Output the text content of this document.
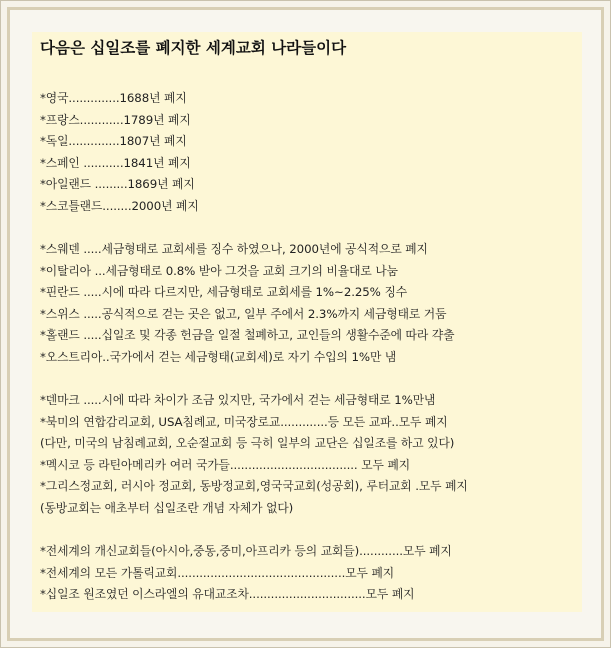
다음은 십일조를 폐지한 세계교회 나라들이다
*영국..............1688년 폐지
*프랑스............1789년 폐지
*독일..............1807년 폐지
*스페인 ...........1841년 폐지
*아일랜드 .........1869년 폐지
*스코틀랜드........2000년 폐지
*스웨덴 .....세금형태로 교회세를 징수 하였으나, 2000년에 공식적으로 폐지
*이탈리아 ...세금형태로 0.8% 받아 그것을 교회 크기의 비율대로 나눔
*핀란드 .....시에 따라 다르지만, 세금형태로 교회세를 1%~2.25% 징수
*스위스 .....공식적으로 걷는 곳은 없고, 일부 주에서 2.3%까지 세금형태로 거둠
*홀랜드 .....십일조 및 각종 헌금을 일절 철폐하고, 교인들의 생활수준에 따라 갹출
*오스트리아..국가에서 걷는 세금형태(교회세)로 자기 수입의 1%만 냄
*덴마크 .....시에 따라 차이가 조금 있지만, 국가에서 걷는 세금형태로 1%만냄
*북미의 연합감리교회, USA침례교, 미국장로교.............등 모든 교파..모두 폐지
(다만, 미국의 남침례교회, 오순절교회 등 극히 일부의 교단은 십일조를 하고 있다)
*멕시코 등 라틴아메리카 여러 국가들................................... 모두 폐지
*그리스정교회, 러시아 정교회, 동방정교회,영국국교회(성공회), 루터교회 .모두 폐지
(동방교회는 애초부터 십일조란 개념 자체가 없다)
*전세계의 개신교회들(아시아,중동,중미,아프리카 등의 교회들)............모두 폐지
*전세계의 모든 가톨릭교회..............................................모두 폐지
*십일조 원조였던 이스라엘의 유대교조차................................모두 폐지
